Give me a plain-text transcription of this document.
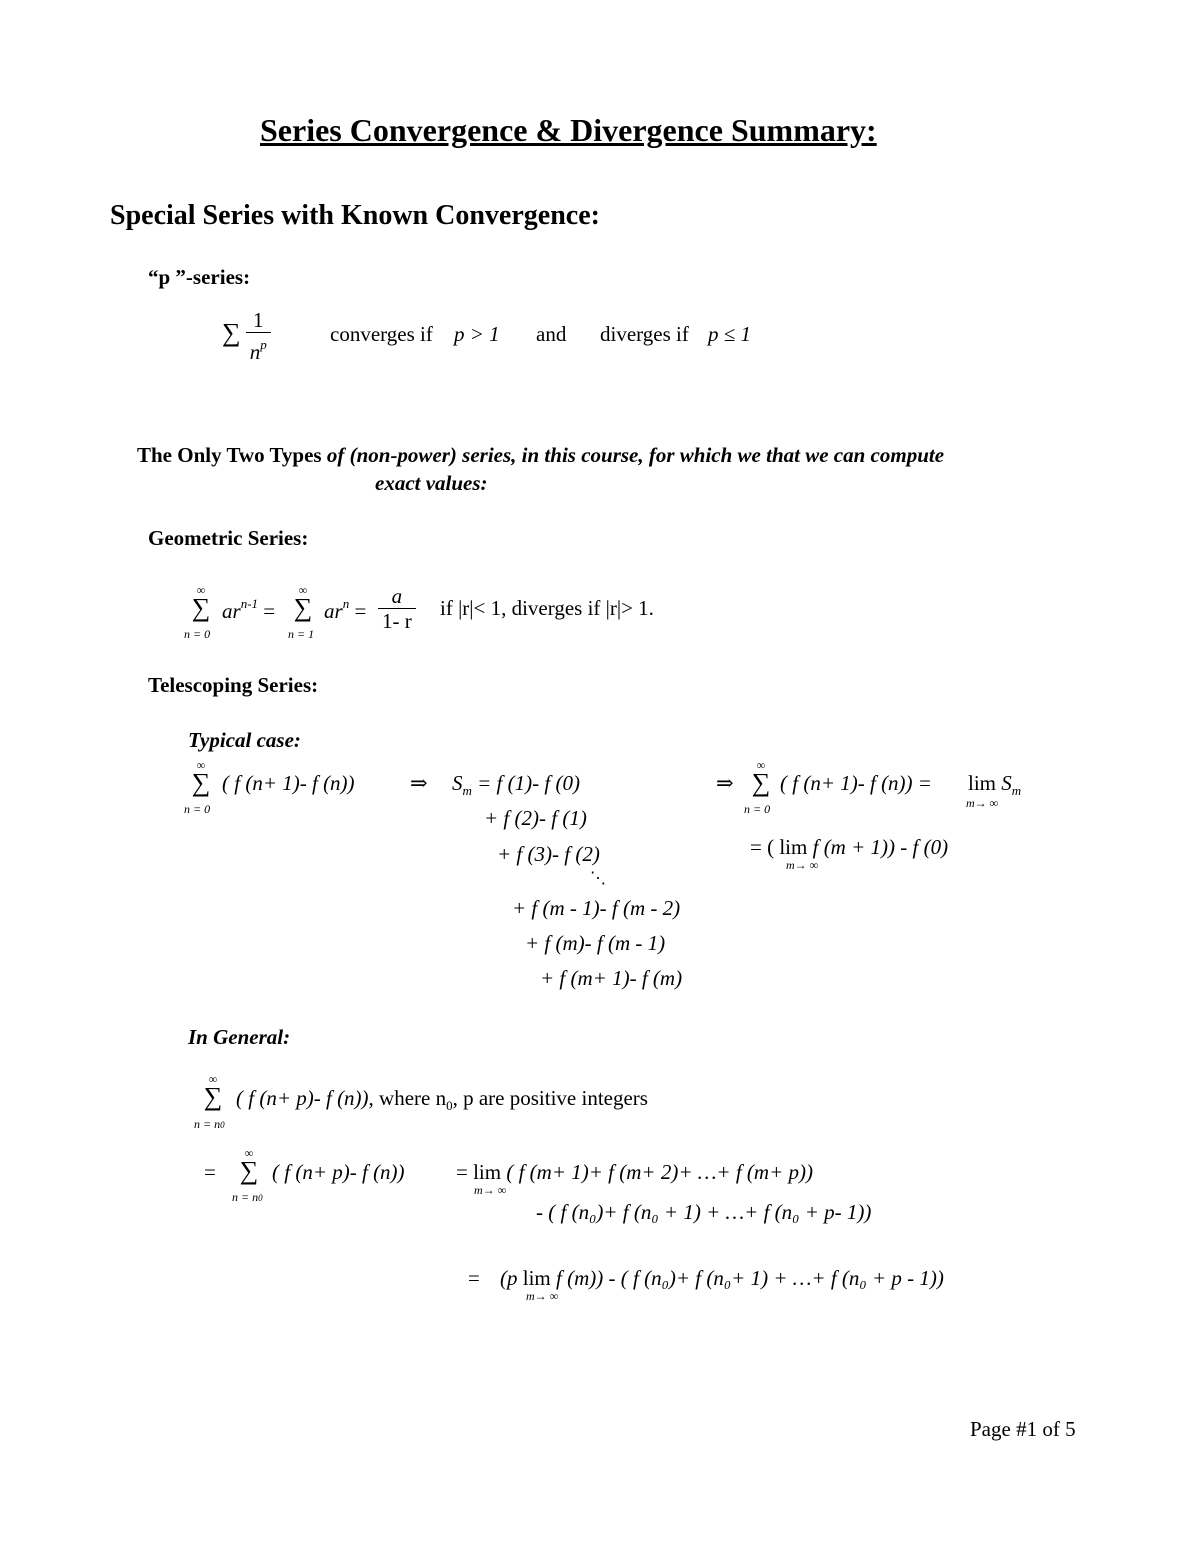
Series Convergence & Divergence Summary:
Special Series with Known Convergence:
“p ”-series:
∑ $\frac{1}{n^p}$	converges if p > 1 and diverges if p ≤ 1
The Only Two Types of (non-power) series, in this course, for which we that we can compute
exact values:
Geometric Series:
∞
∑
n = 0
$ar^{n-1}$ =
∞
∑
n = 1
$ar^n = \frac{a}{1- r}$ if |r|< 1, diverges if |r|> 1.
Telescoping Series:
Typical case:
∞
∑
n = 0
( f (n+ 1)- f (n))	⇒ $S_m = f$ (1)- f (0)
+ f (2)- f (1)
+ f (3)- f (2)
⋱
+ f (m - 1)- f (m - 2)
+ f (m)- f (m - 1)
+ f (m+ 1)- f (m)
⇒
∞
∑
n = 0
( f (n+ 1)- f $(n)) = \lim S_m$
m→ ∞
= ( lim f (m + 1)) - f (0)
m→ ∞
In General:
∞
∑
n = n0
( f (n+ p)- f (n)), where $n_0$, p are positive integers
=
∞
∑
n = n0
( f (n+ p)- f (n)) = lim ( f (m+ 1)+ f (m+ 2)+ …+ f (m+ p))
m→ ∞
- ( f (n₀)+ f (n₀ + 1) + …+ f (n₀ + p- 1))
= (p lim f (m)) - ( f (n₀)+ f (n₀+ 1) + …+ f (n₀ + p - 1))
m→ ∞
Page #1 of 5
